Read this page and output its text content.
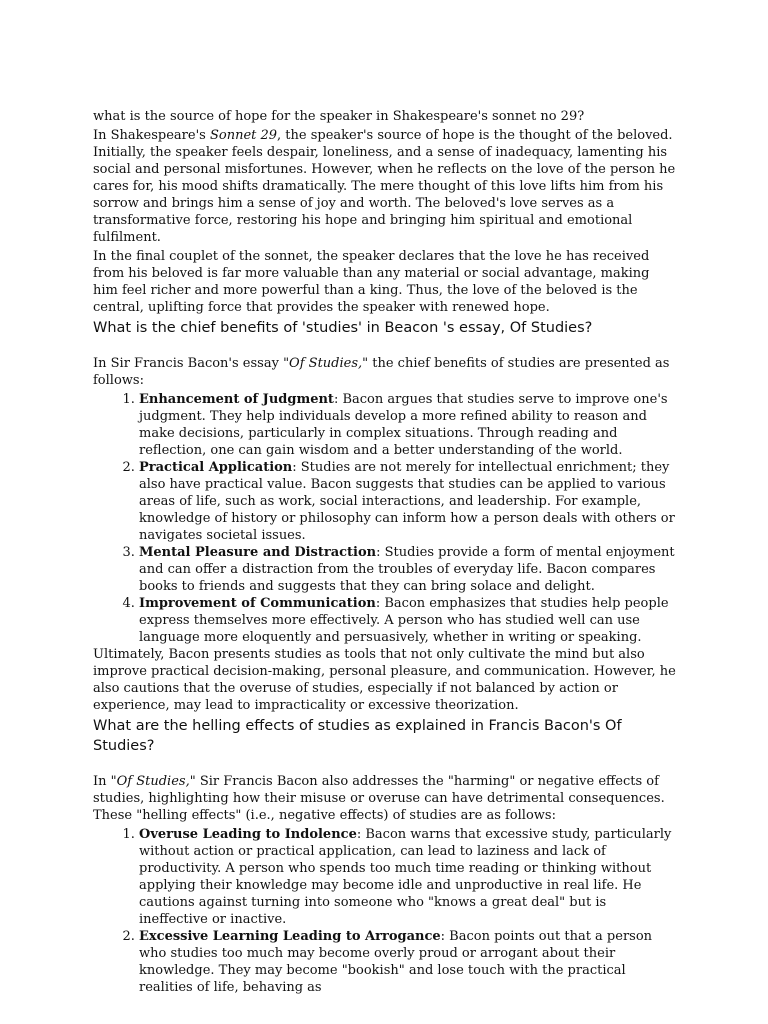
what is the source of hope for the speaker in Shakespeare's sonnet no 29?

In Shakespeare's Sonnet 29, the speaker's source of hope is the thought of the beloved. Initially, the speaker feels despair, loneliness, and a sense of inadequacy, lamenting his social and personal misfortunes. However, when he reflects on the love of the person he cares for, his mood shifts dramatically. The mere thought of this love lifts him from his sorrow and brings him a sense of joy and worth. The beloved's love serves as a transformative force, restoring his hope and bringing him spiritual and emotional fulfilment.

In the final couplet of the sonnet, the speaker declares that the love he has received from his beloved is far more valuable than any material or social advantage, making him feel richer and more powerful than a king. Thus, the love of the beloved is the central, uplifting force that provides the speaker with renewed hope.

What is the chief benefits of 'studies' in Beacon 's essay, Of Studies?

In Sir Francis Bacon's essay "Of Studies," the chief benefits of studies are presented as follows:

1. Enhancement of Judgment: Bacon argues that studies serve to improve one's judgment. They help individuals develop a more refined ability to reason and make decisions, particularly in complex situations. Through reading and reflection, one can gain wisdom and a better understanding of the world.
2. Practical Application: Studies are not merely for intellectual enrichment; they also have practical value. Bacon suggests that studies can be applied to various areas of life, such as work, social interactions, and leadership. For example, knowledge of history or philosophy can inform how a person deals with others or navigates societal issues.
3. Mental Pleasure and Distraction: Studies provide a form of mental enjoyment and can offer a distraction from the troubles of everyday life. Bacon compares books to friends and suggests that they can bring solace and delight.
4. Improvement of Communication: Bacon emphasizes that studies help people express themselves more effectively. A person who has studied well can use language more eloquently and persuasively, whether in writing or speaking.

Ultimately, Bacon presents studies as tools that not only cultivate the mind but also improve practical decision-making, personal pleasure, and communication. However, he also cautions that the overuse of studies, especially if not balanced by action or experience, may lead to impracticality or excessive theorization.

What are the helling effects of studies as explained in Francis Bacon's Of Studies?

In "Of Studies," Sir Francis Bacon also addresses the "harming" or negative effects of studies, highlighting how their misuse or overuse can have detrimental consequences. These "helling effects" (i.e., negative effects) of studies are as follows:

1. Overuse Leading to Indolence: Bacon warns that excessive study, particularly without action or practical application, can lead to laziness and lack of productivity. A person who spends too much time reading or thinking without applying their knowledge may become idle and unproductive in real life. He cautions against turning into someone who "knows a great deal" but is ineffective or inactive.
2. Excessive Learning Leading to Arrogance: Bacon points out that a person who studies too much may become overly proud or arrogant about their knowledge. They may become "bookish" and lose touch with the practical realities of life, behaving as
